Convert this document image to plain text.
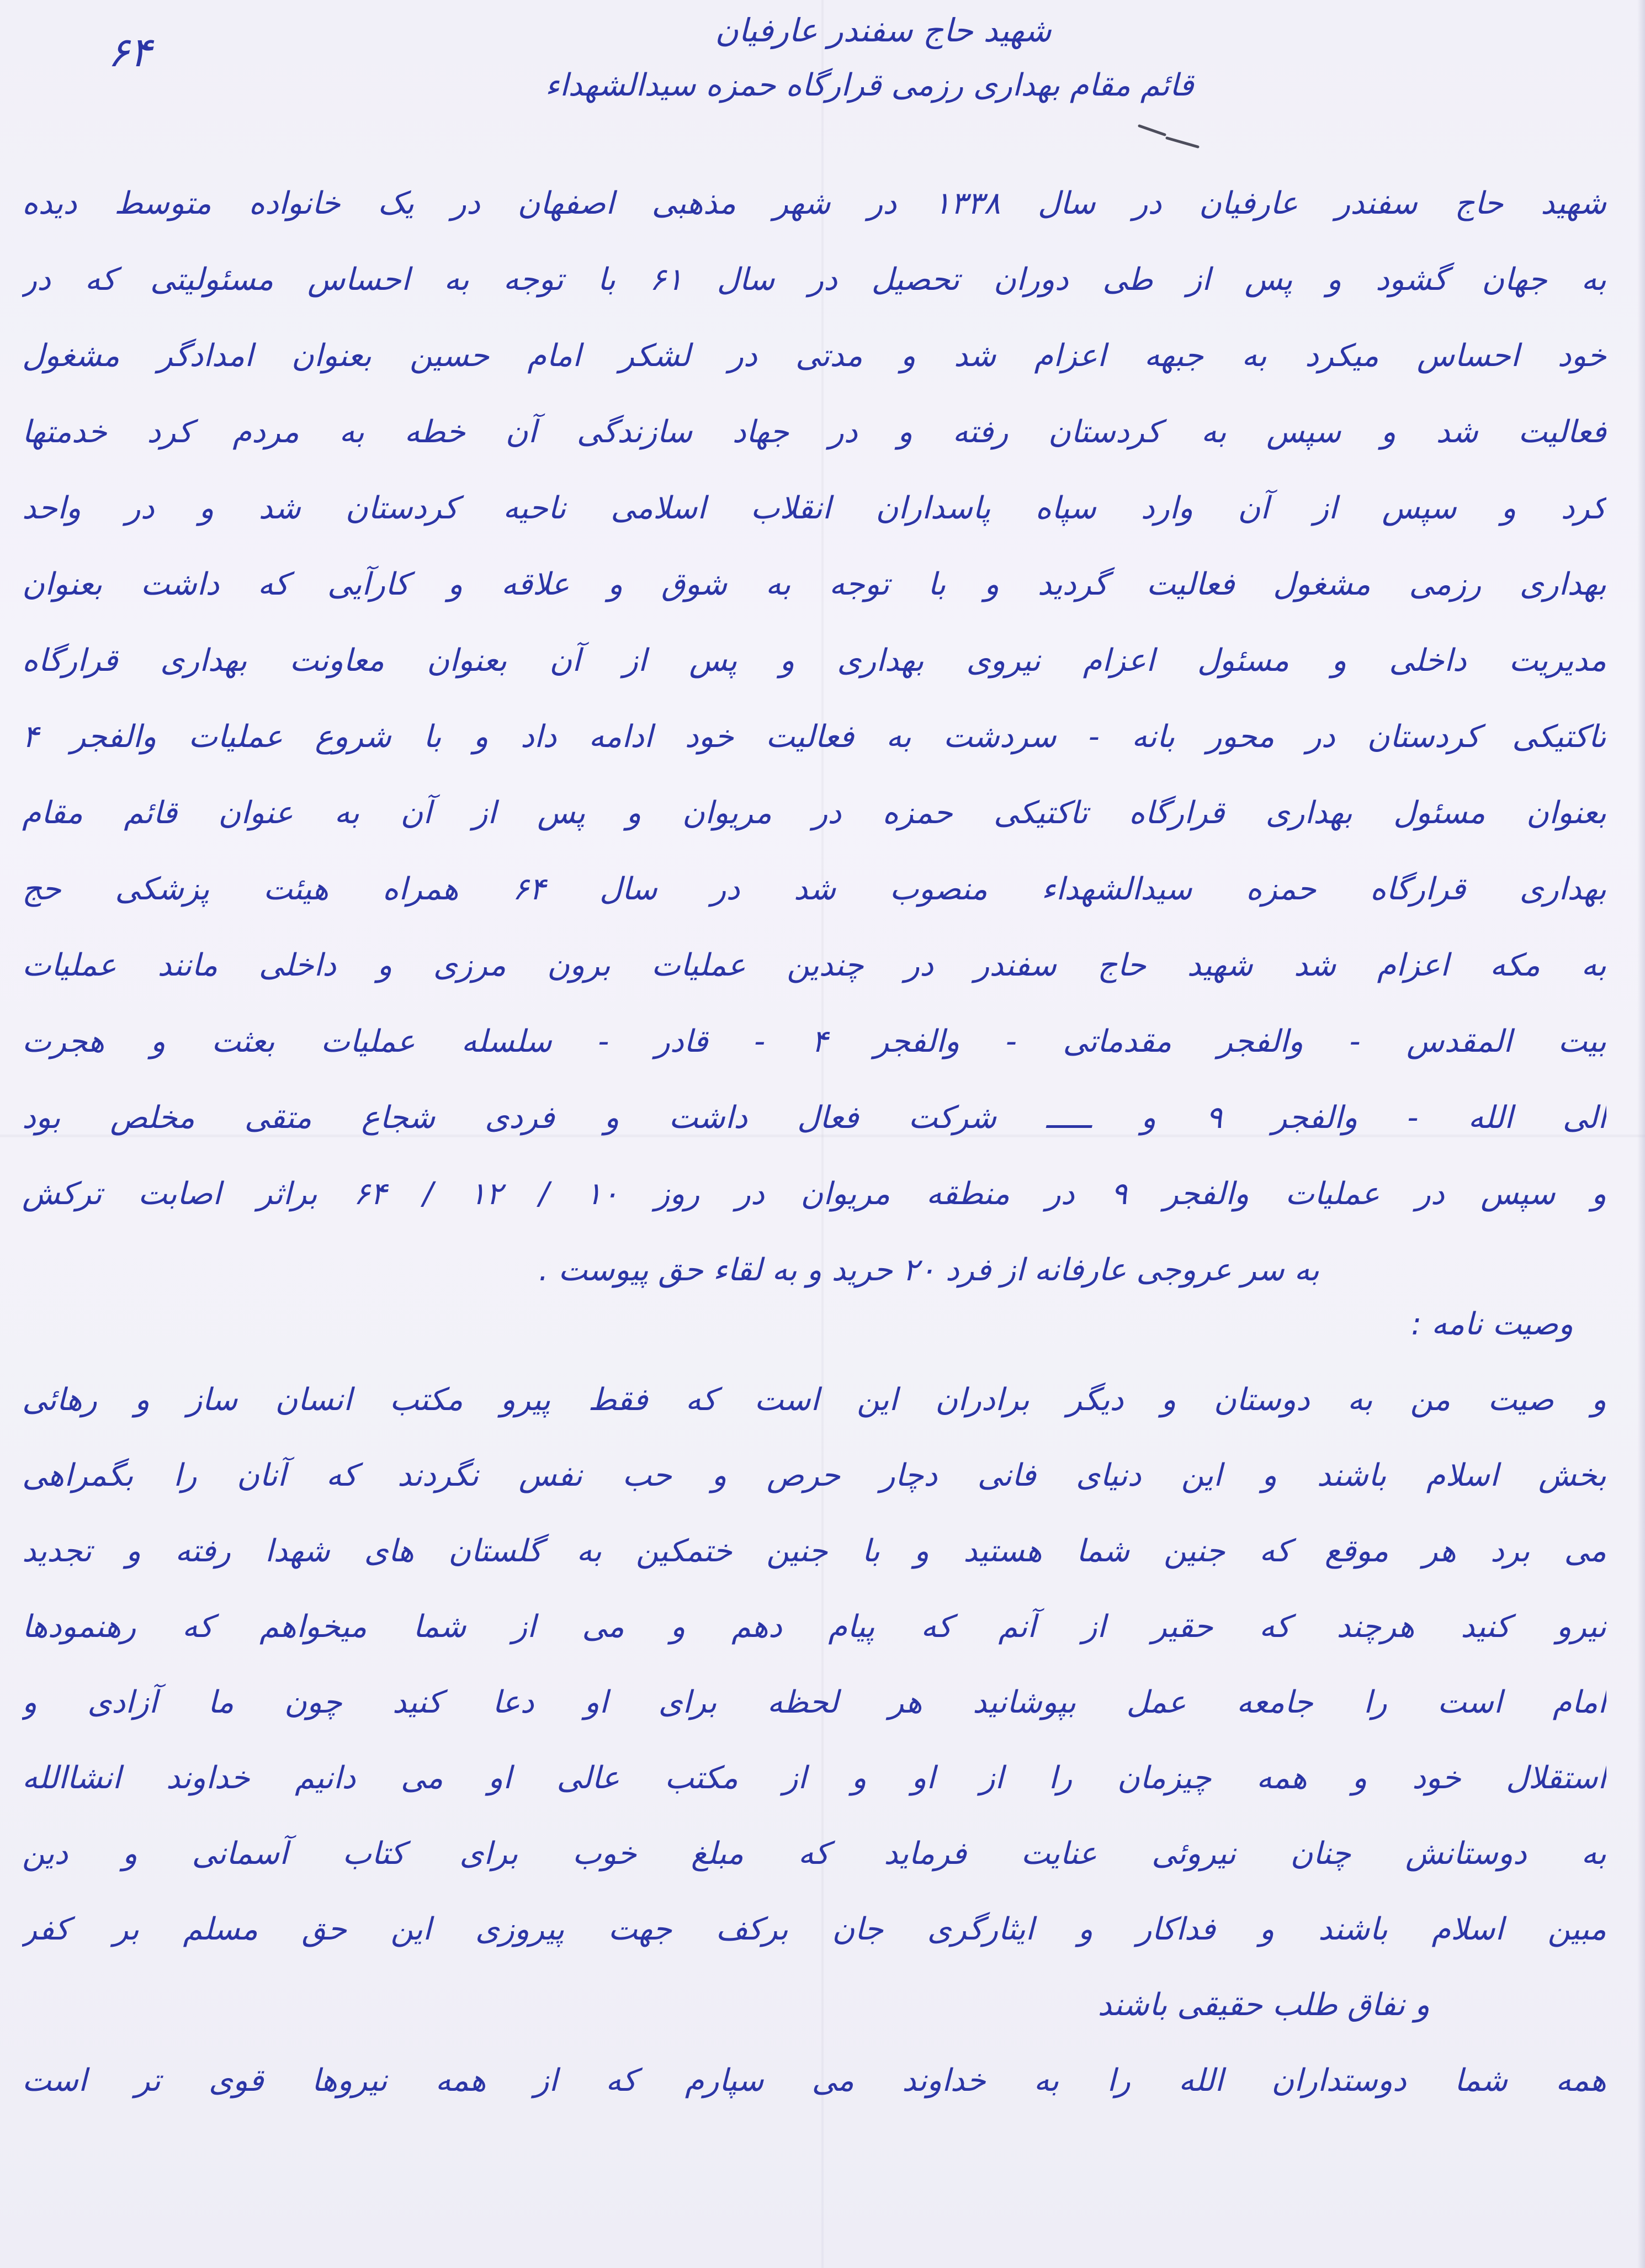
۶۴	شهید حاج سفندر عارفیان
قائم مقام بهداری رزمی قرارگاه حمزه سیدالشهداء
شهید حاج سفندر عارفیان در سال ۱۳۳۸ در شهر مذهبی اصفهان در یک خانواده متوسط دیده
به جهان گشود و پس از طی دوران تحصیل در سال ۶۱ با توجه به احساس مسئولیتی که در
خود احساس میکرد به جبهه اعزام شد و مدتی در لشکر امام حسین بعنوان امدادگر مشغول
فعالیت شد و سپس به کردستان رفته و در جهاد سازندگی آن خطه به مردم کرد خدمتها
کرد و سپس از آن وارد سپاه پاسداران انقلاب اسلامی ناحیه کردستان شد و در واحد
بهداری رزمی مشغول فعالیت گردید و با توجه به شوق و علاقه و کارآیی که داشت بعنوان
مدیریت داخلی و مسئول اعزام نیروی بهداری و پس از آن بعنوان معاونت بهداری قرارگاه
تاکتیکی کردستان در محور بانه - سردشت به فعالیت خود ادامه داد و با شروع عملیات والفجر ۴
بعنوان مسئول بهداری قرارگاه تاکتیکی حمزه در مریوان و پس از آن به عنوان قائم مقام
بهداری قرارگاه حمزه سیدالشهداء منصوب شد در سال ۶۴ همراه هیئت پزشکی حج
به مکه اعزام شد شهید حاج سفندر در چندین عملیات برون مرزی و داخلی مانند عملیات
بیت المقدس - والفجر مقدماتی - والفجر ۴ - قادر - سلسله عملیات بعثت و هجرت
الی الله - والفجر ۹ و ـــــ شرکت فعال داشت و فردی شجاع متقی مخلص بود
و سپس در عملیات والفجر ۹ در منطقه مریوان در روز ۱۰ / ۱۲ / ۶۴ براثر اصابت ترکش
به سر عروجی عارفانه از فرد ۲۰ حرید و به لقاء حق پیوست .
وصیت نامه :
و صیت من به دوستان و دیگر برادران این است که فقط پیرو مکتب انسان ساز و رهائی
بخش اسلام باشند و این دنیای فانی دچار حرص و حب نفس نگردند که آنان را بگمراهی
می برد هر موقع که جنین شما هستید و با جنین ختمکین به گلستان های شهدا رفته و تجدید
نیرو کنید هرچند که حقیر از آنم که پیام دهم و می از شما میخواهم که رهنمودها
امام است را جامعه عمل بپوشانید هر لحظه برای او دعا کنید چون ما آزادی و
استقلال خود و همه چیزمان را از او و از مکتب عالی او می دانیم خداوند انشاالله
به دوستانش چنان نیروئی عنایت فرماید که مبلغ خوب برای کتاب آسمانی و دین
مبین اسلام باشند و فداکار و ایثارگری جان برکف جهت پیروزی این حق مسلم بر کفر
و نفاق طلب حقیقی باشند
همه شما دوستداران الله را به خداوند می سپارم که از همه نیروها قوی تر است
